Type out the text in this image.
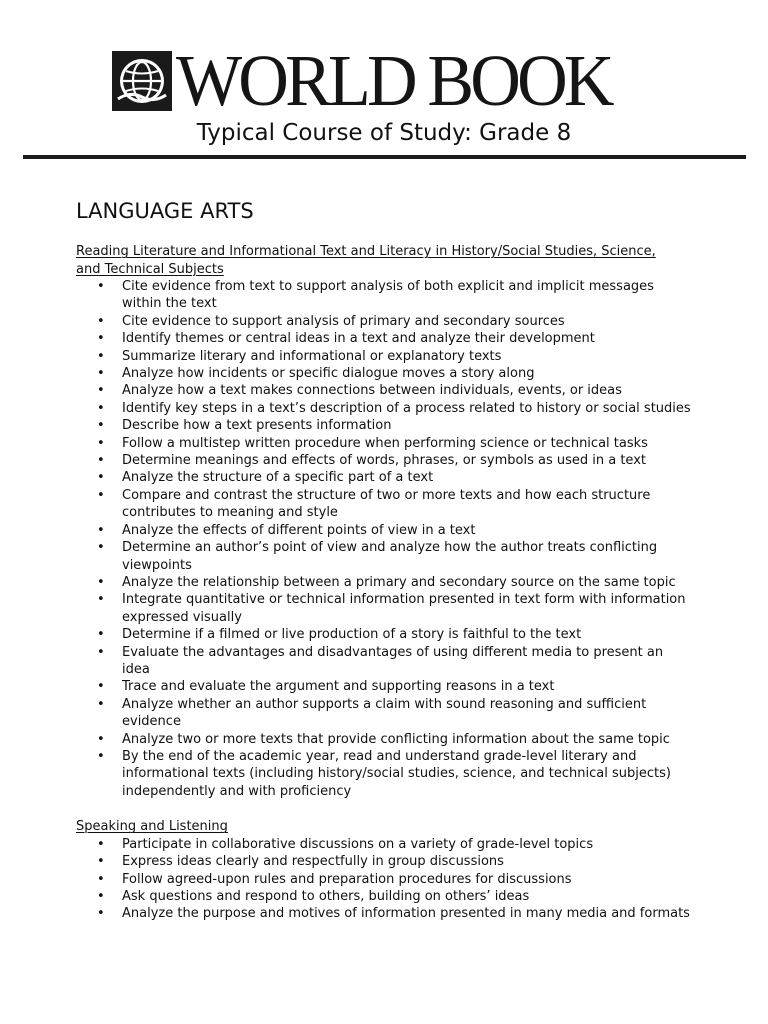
WORLD BOOK
Typical Course of Study: Grade 8
LANGUAGE ARTS

Reading Literature and Informational Text and Literacy in History/Social Studies, Science, and Technical Subjects

• Cite evidence from text to support analysis of both explicit and implicit messages within the text
• Cite evidence to support analysis of primary and secondary sources
• Identify themes or central ideas in a text and analyze their development
• Summarize literary and informational or explanatory texts
• Analyze how incidents or specific dialogue moves a story along
• Analyze how a text makes connections between individuals, events, or ideas
• Identify key steps in a text’s description of a process related to history or social studies
• Describe how a text presents information
• Follow a multistep written procedure when performing science or technical tasks
• Determine meanings and effects of words, phrases, or symbols as used in a text
• Analyze the structure of a specific part of a text
• Compare and contrast the structure of two or more texts and how each structure contributes to meaning and style
• Analyze the effects of different points of view in a text
• Determine an author’s point of view and analyze how the author treats conflicting viewpoints
• Analyze the relationship between a primary and secondary source on the same topic
• Integrate quantitative or technical information presented in text form with information expressed visually
• Determine if a filmed or live production of a story is faithful to the text
• Evaluate the advantages and disadvantages of using different media to present an idea
• Trace and evaluate the argument and supporting reasons in a text
• Analyze whether an author supports a claim with sound reasoning and sufficient evidence
• Analyze two or more texts that provide conflicting information about the same topic
• By the end of the academic year, read and understand grade-level literary and informational texts (including history/social studies, science, and technical subjects) independently and with proficiency

Speaking and Listening

• Participate in collaborative discussions on a variety of grade-level topics
• Express ideas clearly and respectfully in group discussions
• Follow agreed-upon rules and preparation procedures for discussions
• Ask questions and respond to others, building on others’ ideas
• Analyze the purpose and motives of information presented in many media and formats
